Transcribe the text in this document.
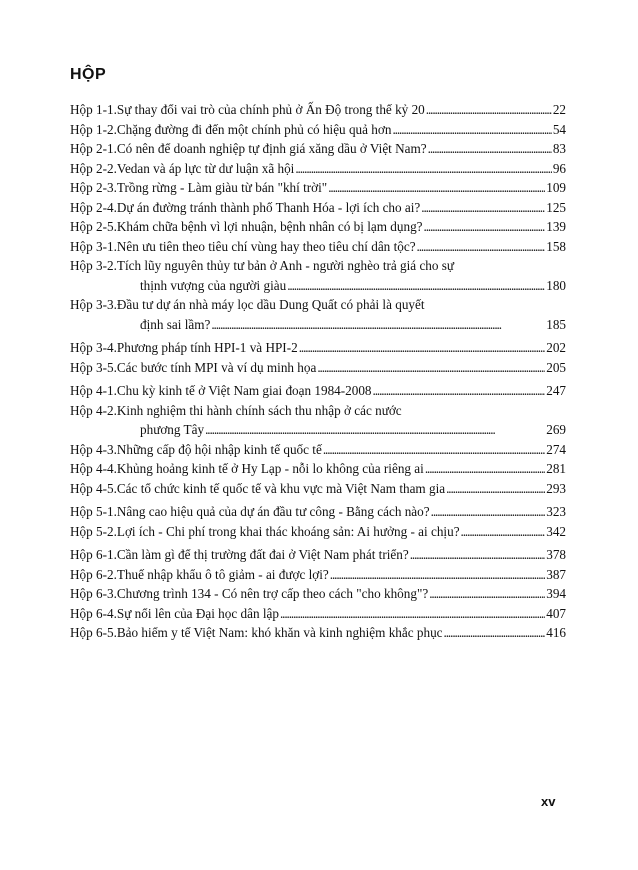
HỘP
Hộp 1-1. Sự thay đổi vai trò của chính phủ ở Ấn Độ trong thế kỷ 20 . . .	22
Hộp 1-2. Chặng đường đi đến một chính phủ có hiệu quả hơn . . .	54
Hộp 2-1. Có nên để doanh nghiệp tự định giá xăng dầu ở Việt Nam? . . .	83
Hộp 2-2. Vedan và áp lực từ dư luận xã hội . . .	96
Hộp 2-3. Trồng rừng - Làm giàu từ bán "khí trời" . . .	109
Hộp 2-4. Dự án đường tránh thành phố Thanh Hóa - lợi ích cho ai? . . .	125
Hộp 2-5. Khám chữa bệnh vì lợi nhuận, bệnh nhân có bị lạm dụng? . . .	139
Hộp 3-1. Nên ưu tiên theo tiêu chí vùng hay theo tiêu chí dân tộc? . . .	158
Hộp 3-2. Tích lũy nguyên thủy tư bản ở Anh - người nghèo trả giá cho sự
thịnh vượng của người giàu . . .	180
Hộp 3-3. Đầu tư dự án nhà máy lọc dầu Dung Quất có phải là quyết
định sai lầm? . . .	185
Hộp 3-4. Phương pháp tính HPI-1 và HPI-2 . . .	202
Hộp 3-5. Các bước tính MPI và ví dụ minh họa . . .	205
Hộp 4-1. Chu kỳ kinh tế ở Việt Nam giai đoạn 1984-2008 . . .	247
Hộp 4-2. Kinh nghiệm thi hành chính sách thu nhập ở các nước
phương Tây . . .	269
Hộp 4-3. Những cấp độ hội nhập kinh tế quốc tế . . .	274
Hộp 4-4. Khủng hoảng kinh tế ở Hy Lạp - nỗi lo không của riêng ai . . .	281
Hộp 4-5. Các tổ chức kinh tế quốc tế và khu vực mà Việt Nam tham gia . . .	293
Hộp 5-1. Nâng cao hiệu quả của dự án đầu tư công - Bằng cách nào? . . .	323
Hộp 5-2. Lợi ích - Chi phí trong khai thác khoáng sản: Ai hưởng - ai chịu? . . .	342
Hộp 6-1. Cần làm gì để thị trường đất đai ở Việt Nam phát triển? . . .	378
Hộp 6-2. Thuế nhập khẩu ô tô giảm - ai được lợi? . . .	387
Hộp 6-3. Chương trình 134 - Có nên trợ cấp theo cách "cho không"? . . .	394
Hộp 6-4. Sự nổi lên của Đại học dân lập . . .	407
Hộp 6-5. Bảo hiểm y tế Việt Nam: khó khăn và kinh nghiệm khắc phục . . .	416
xv
